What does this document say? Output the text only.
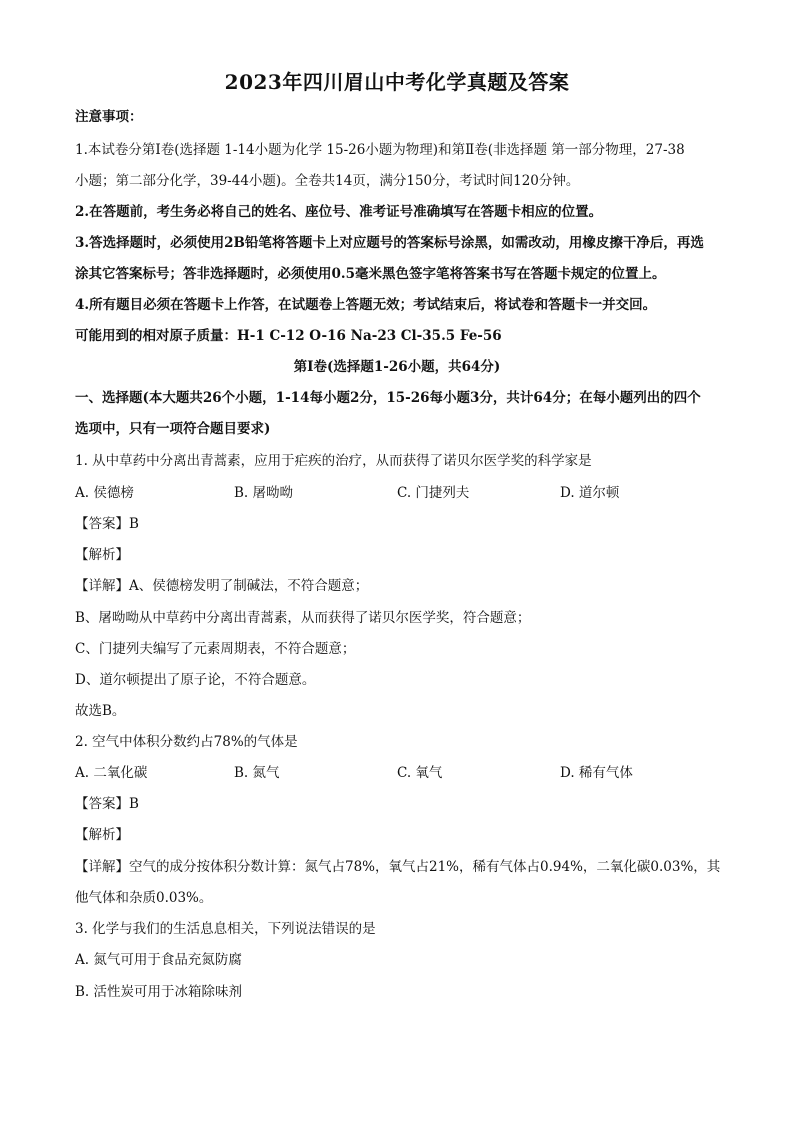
2023年四川眉山中考化学真题及答案
注意事项：
1.本试卷分第Ⅰ卷(选择题 1-14小题为化学 15-26小题为物理)和第Ⅱ卷(非选择题 第一部分物理，27-38
小题；第二部分化学，39-44小题)。全卷共14页，满分150分，考试时间120分钟。
2.在答题前，考生务必将自己的姓名、座位号、准考证号准确填写在答题卡相应的位置。
3.答选择题时，必须使用2B铅笔将答题卡上对应题号的答案标号涂黑，如需改动，用橡皮擦干净后，再选
涂其它答案标号；答非选择题时，必须使用0.5毫米黑色签字笔将答案书写在答题卡规定的位置上。
4.所有题目必须在答题卡上作答，在试题卷上答题无效；考试结束后，将试卷和答题卡一并交回。
可能用到的相对原子质量：H-1 C-12 O-16 Na-23 Cl-35.5 Fe-56
第Ⅰ卷(选择题1-26小题，共64分)
一、选择题(本大题共26个小题，1-14每小题2分，15-26每小题3分，共计64分；在每小题列出的四个
选项中，只有一项符合题目要求)
1. 从中草药中分离出青蒿素，应用于疟疾的治疗，从而获得了诺贝尔医学奖的科学家是
A. 侯德榜	B. 屠呦呦	C. 门捷列夫	D. 道尔顿
【答案】B
【解析】
【详解】A、侯德榜发明了制碱法，不符合题意；
B、屠呦呦从中草药中分离出青蒿素，从而获得了诺贝尔医学奖，符合题意；
C、门捷列夫编写了元素周期表，不符合题意；
D、道尔顿提出了原子论，不符合题意。
故选B。
2. 空气中体积分数约占78%的气体是
A. 二氧化碳	B. 氮气	C. 氧气	D. 稀有气体
【答案】B
【解析】
【详解】空气的成分按体积分数计算：氮气占78%，氧气占21%，稀有气体占0.94%，二氧化碳0.03%，其
他气体和杂质0.03%。
3. 化学与我们的生活息息相关，下列说法错误的是
A. 氮气可用于食品充氮防腐
B. 活性炭可用于冰箱除味剂
